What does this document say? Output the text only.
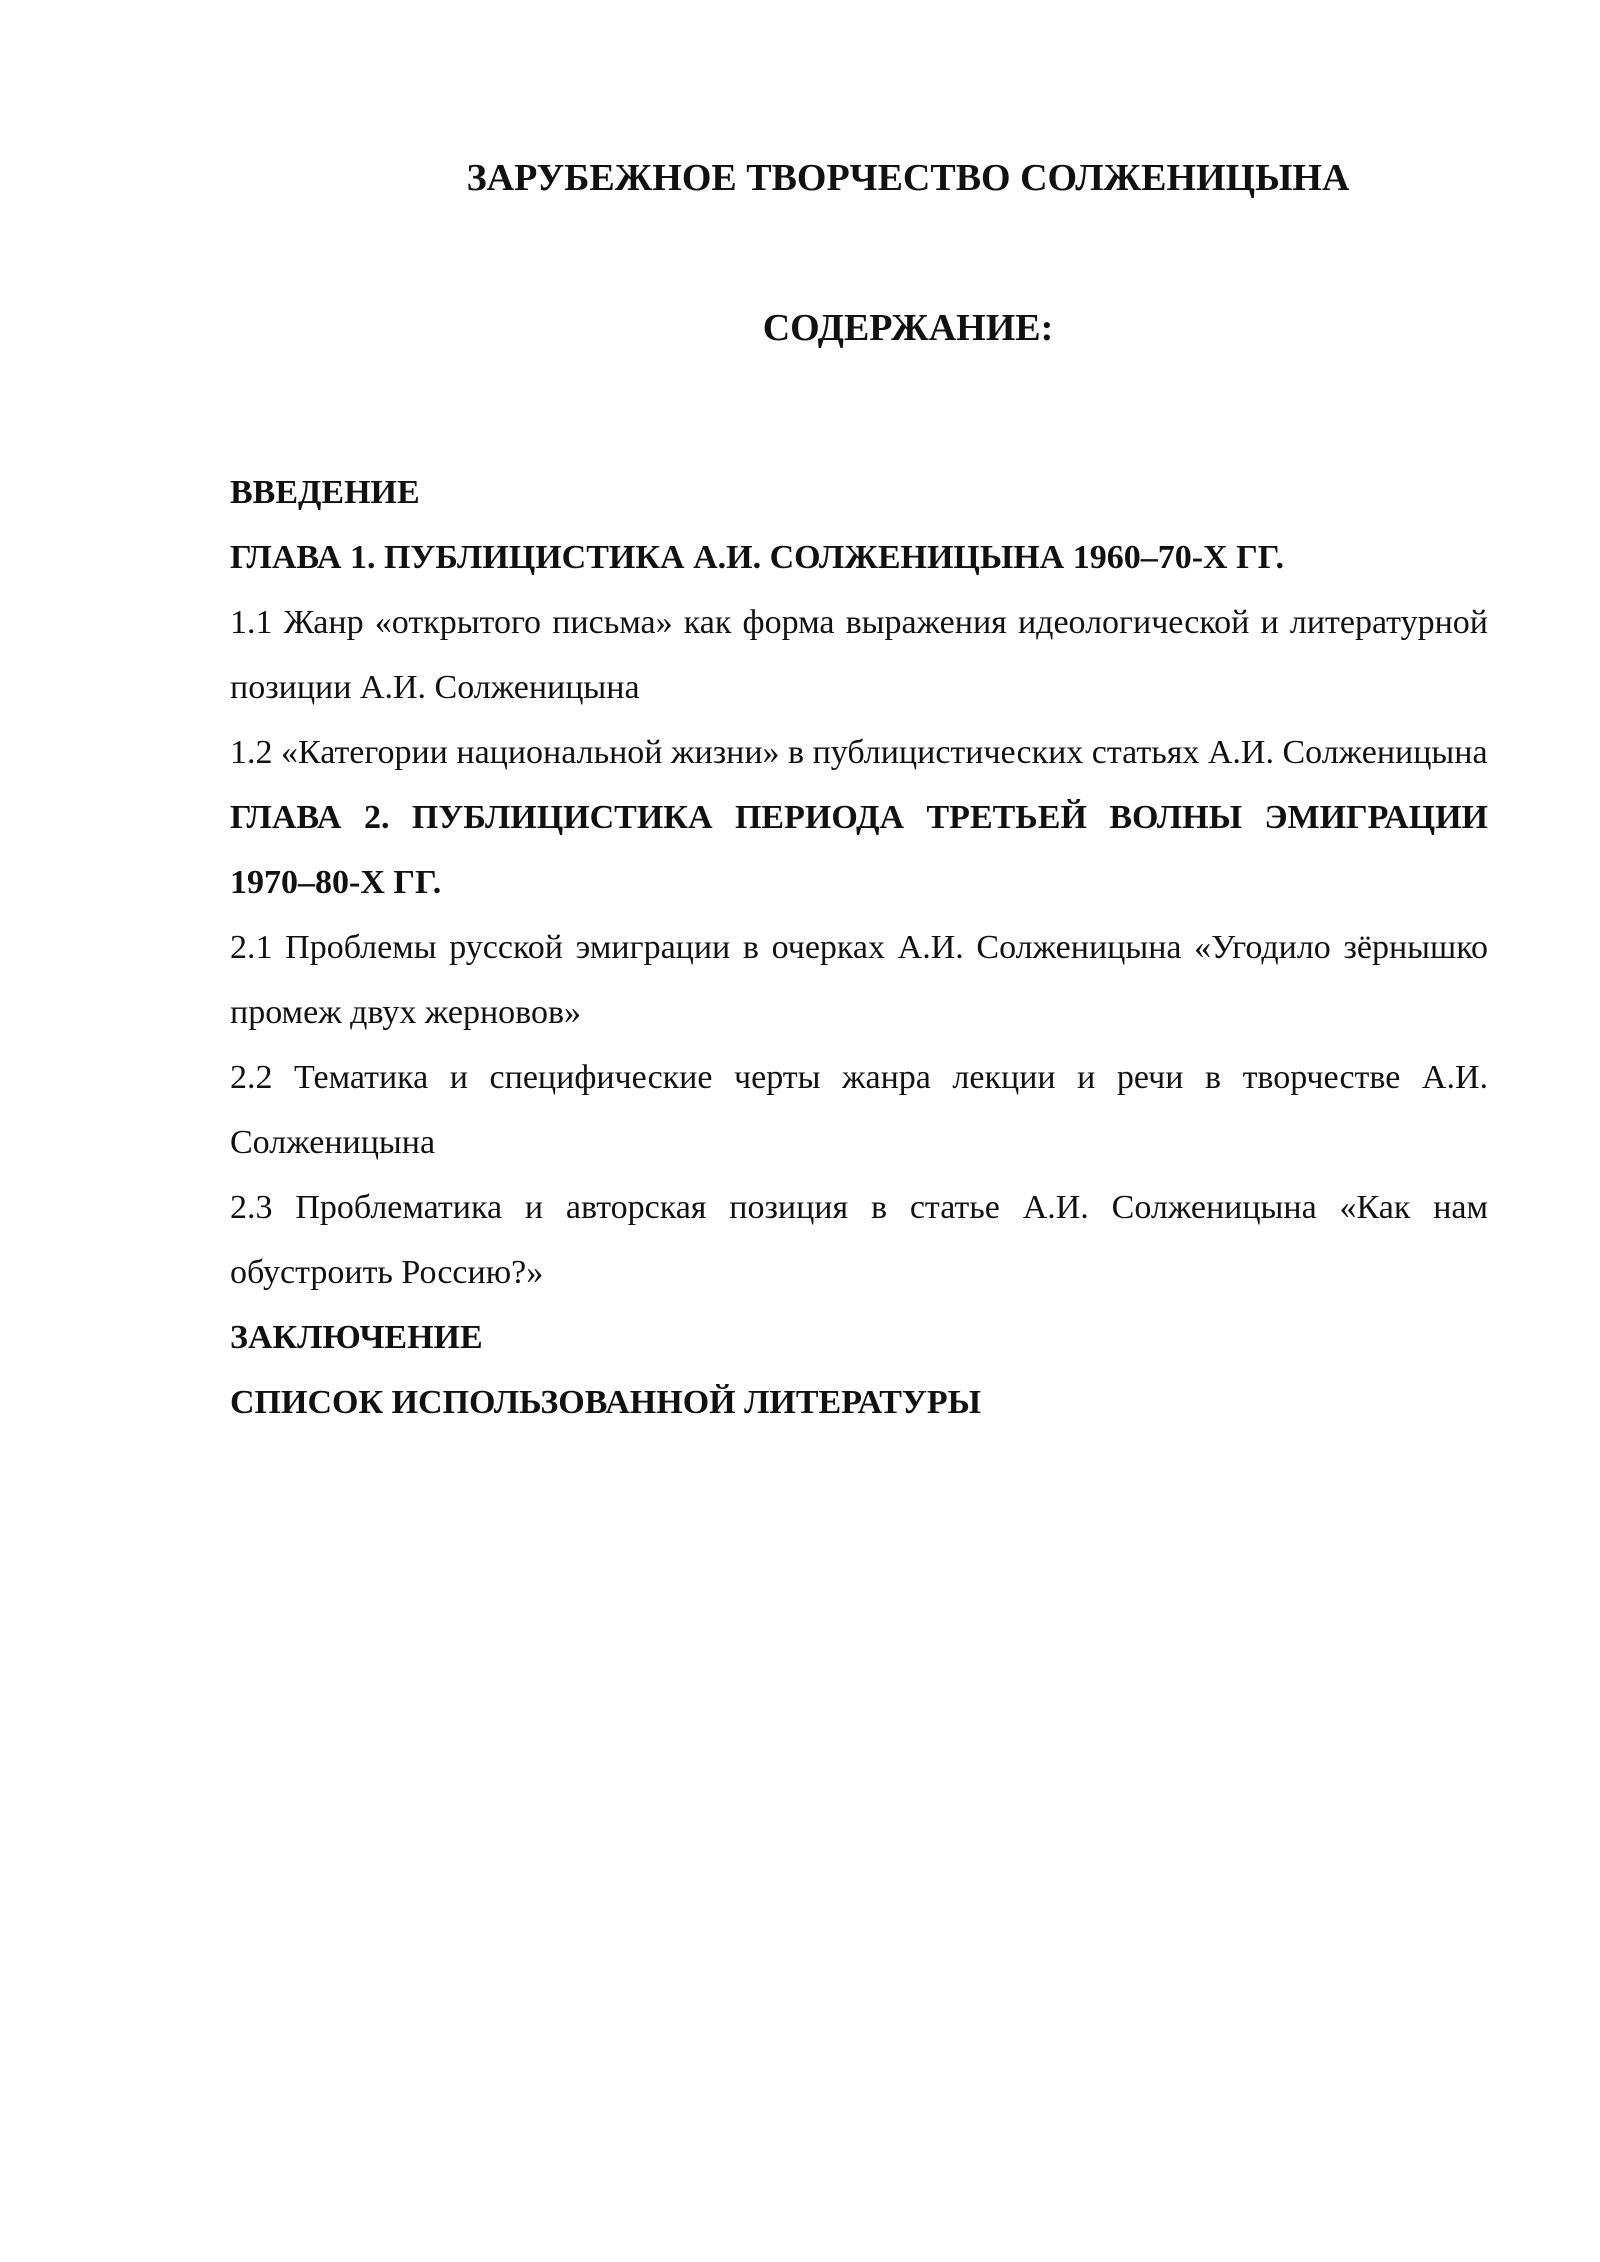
ЗАРУБЕЖНОЕ ТВОРЧЕСТВО СОЛЖЕНИЦЫНА
СОДЕРЖАНИЕ:
ВВЕДЕНИЕ
ГЛАВА 1. ПУБЛИЦИСТИКА А.И. СОЛЖЕНИЦЫНА 1960–70-Х ГГ.
1.1 Жанр «открытого письма» как форма выражения идеологической и литературной позиции А.И. Солженицына
1.2 «Категории национальной жизни» в публицистических статьях А.И. Солженицына
ГЛАВА 2. ПУБЛИЦИСТИКА ПЕРИОДА ТРЕТЬЕЙ ВОЛНЫ ЭМИГРАЦИИ 1970–80-Х ГГ.
2.1 Проблемы русской эмиграции в очерках А.И. Солженицына «Угодило зёрнышко промеж двух жерновов»
2.2 Тематика и специфические черты жанра лекции и речи в творчестве А.И. Солженицына
2.3 Проблематика и авторская позиция в статье А.И. Солженицына «Как нам обустроить Россию?»
ЗАКЛЮЧЕНИЕ
СПИСОК ИСПОЛЬЗОВАННОЙ ЛИТЕРАТУРЫ
